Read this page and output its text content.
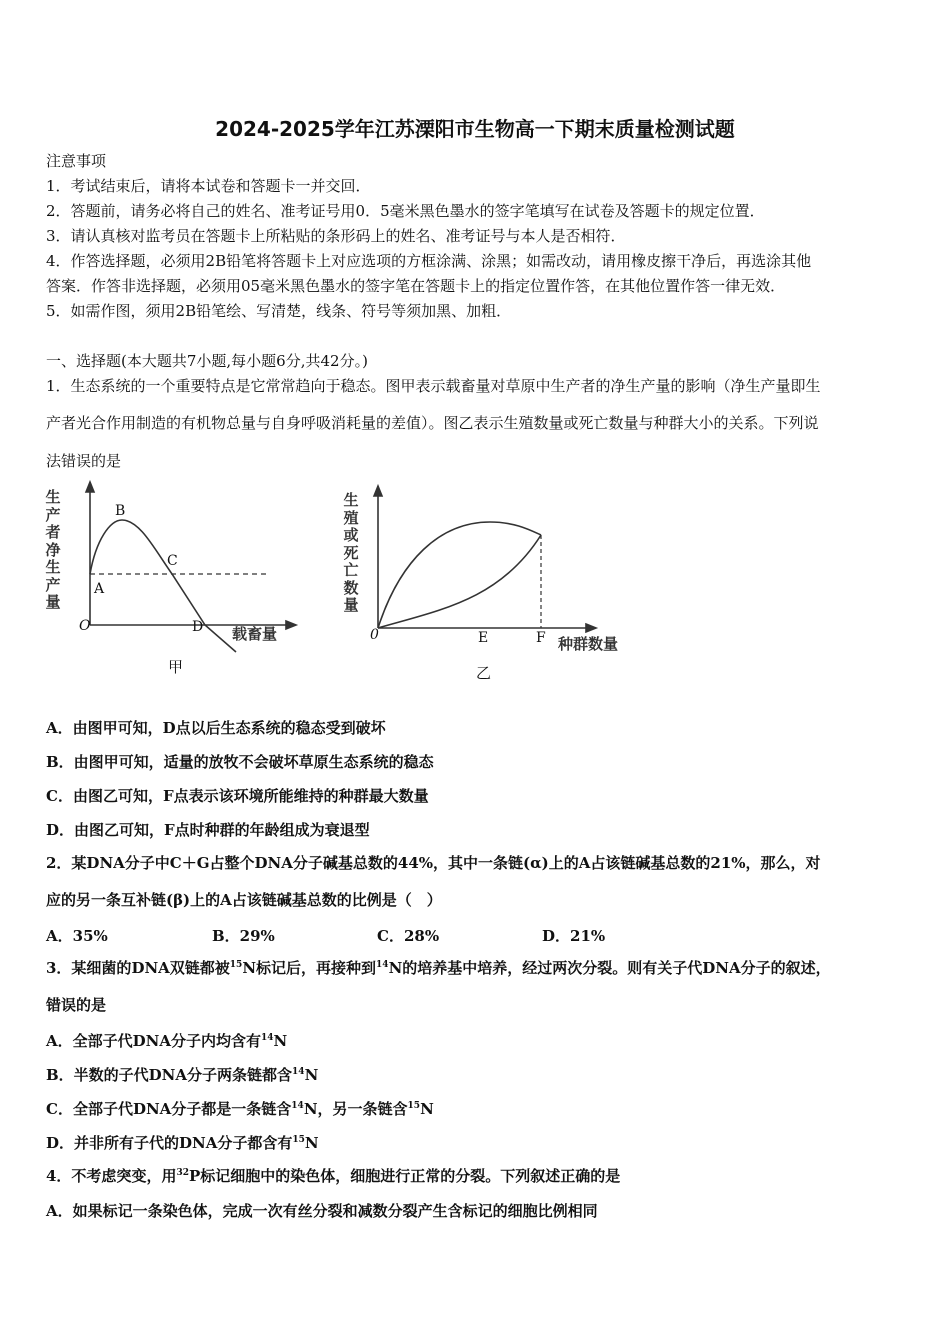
2024-2025学年江苏溧阳市生物高一下期末质量检测试题
注意事项
1．考试结束后，请将本试卷和答题卡一并交回．
2．答题前，请务必将自己的姓名、准考证号用0．5毫米黑色墨水的签字笔填写在试卷及答题卡的规定位置．
3．请认真核对监考员在答题卡上所粘贴的条形码上的姓名、准考证号与本人是否相符．
4．作答选择题，必须用2B铅笔将答题卡上对应选项的方框涂满、涂黑；如需改动，请用橡皮擦干净后，再选涂其他
答案．作答非选择题，必须用05毫米黑色墨水的签字笔在答题卡上的指定位置作答，在其他位置作答一律无效．
5．如需作图，须用2B铅笔绘、写清楚，线条、符号等须加黑、加粗．
一、选择题(本大题共7小题,每小题6分,共42分。)
1．生态系统的一个重要特点是它常常趋向于稳态。图甲表示载畜量对草原中生产者的净生产量的影响（净生产量即生
产者光合作用制造的有机物总量与自身呼吸消耗量的差值）。图乙表示生殖数量或死亡数量与种群大小的关系。下列说
法错误的是
生产者净生产量
生殖或死亡数量
B
C
A
O	D 载畜量
甲
0	E	F 种群数量
乙
A．由图甲可知，D点以后生态系统的稳态受到破坏
B．由图甲可知，适量的放牧不会破坏草原生态系统的稳态
C．由图乙可知，F点表示该环境所能维持的种群最大数量
D．由图乙可知，F点时种群的年龄组成为衰退型
2．某DNA分子中C＋G占整个DNA分子碱基总数的44%，其中一条链(α)上的A占该链碱基总数的21%，那么，对
应的另一条互补链(β)上的A占该链碱基总数的比例是（　）
A．35%	B．29%	C．28%	D．21%
3．某细菌的DNA双链都被$^{15}$N标记后，再接种到$^{14}$N的培养基中培养，经过两次分裂。则有关子代DNA分子的叙述，
错误的是
A．全部子代DNA分子内均含有$^{14}$N
B．半数的子代DNA分子两条链都含$^{14}$N
C．全部子代DNA分子都是一条链含$^{14}$N，另一条链含$^{15}$N
D．并非所有子代的DNA分子都含有$^{15}$N
4．不考虑突变，用$^{32}$P标记细胞中的染色体，细胞进行正常的分裂。下列叙述正确的是
A．如果标记一条染色体，完成一次有丝分裂和减数分裂产生含标记的细胞比例相同
